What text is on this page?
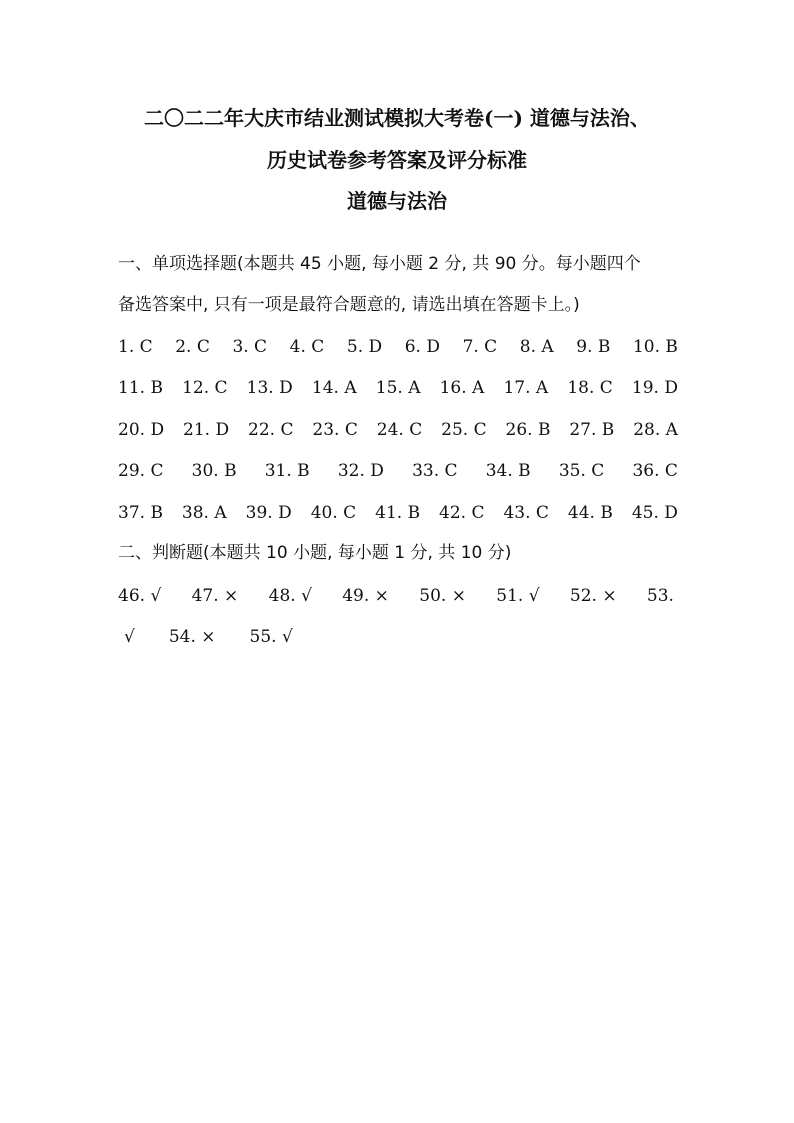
二〇二二年大庆市结业测试模拟大考卷(一) 道德与法治、
历史试卷参考答案及评分标准
道德与法治
一、单项选择题(本题共 45 小题, 每小题 2 分, 共 90 分。每小题四个
备选答案中, 只有一项是最符合题意的, 请选出填在答题卡上。)
1. C 2. C 3. C 4. C 5. D 6. D 7. C 8. A 9. B 10. B
11. B 12. C 13. D 14. A 15. A 16. A 17. A 18. C 19. D
20. D 21. D 22. C 23. C 24. C 25. C 26. B 27. B 28. A
29. C 30. B 31. B 32. D 33. C 34. B 35. C 36. C
37. B 38. A 39. D 40. C 41. B 42. C 43. C 44. B 45. D
二、判断题(本题共 10 小题, 每小题 1 分, 共 10 分)
46. √ 47. × 48. √ 49. × 50. × 51. √ 52. × 53.
√ 54. × 55. √
